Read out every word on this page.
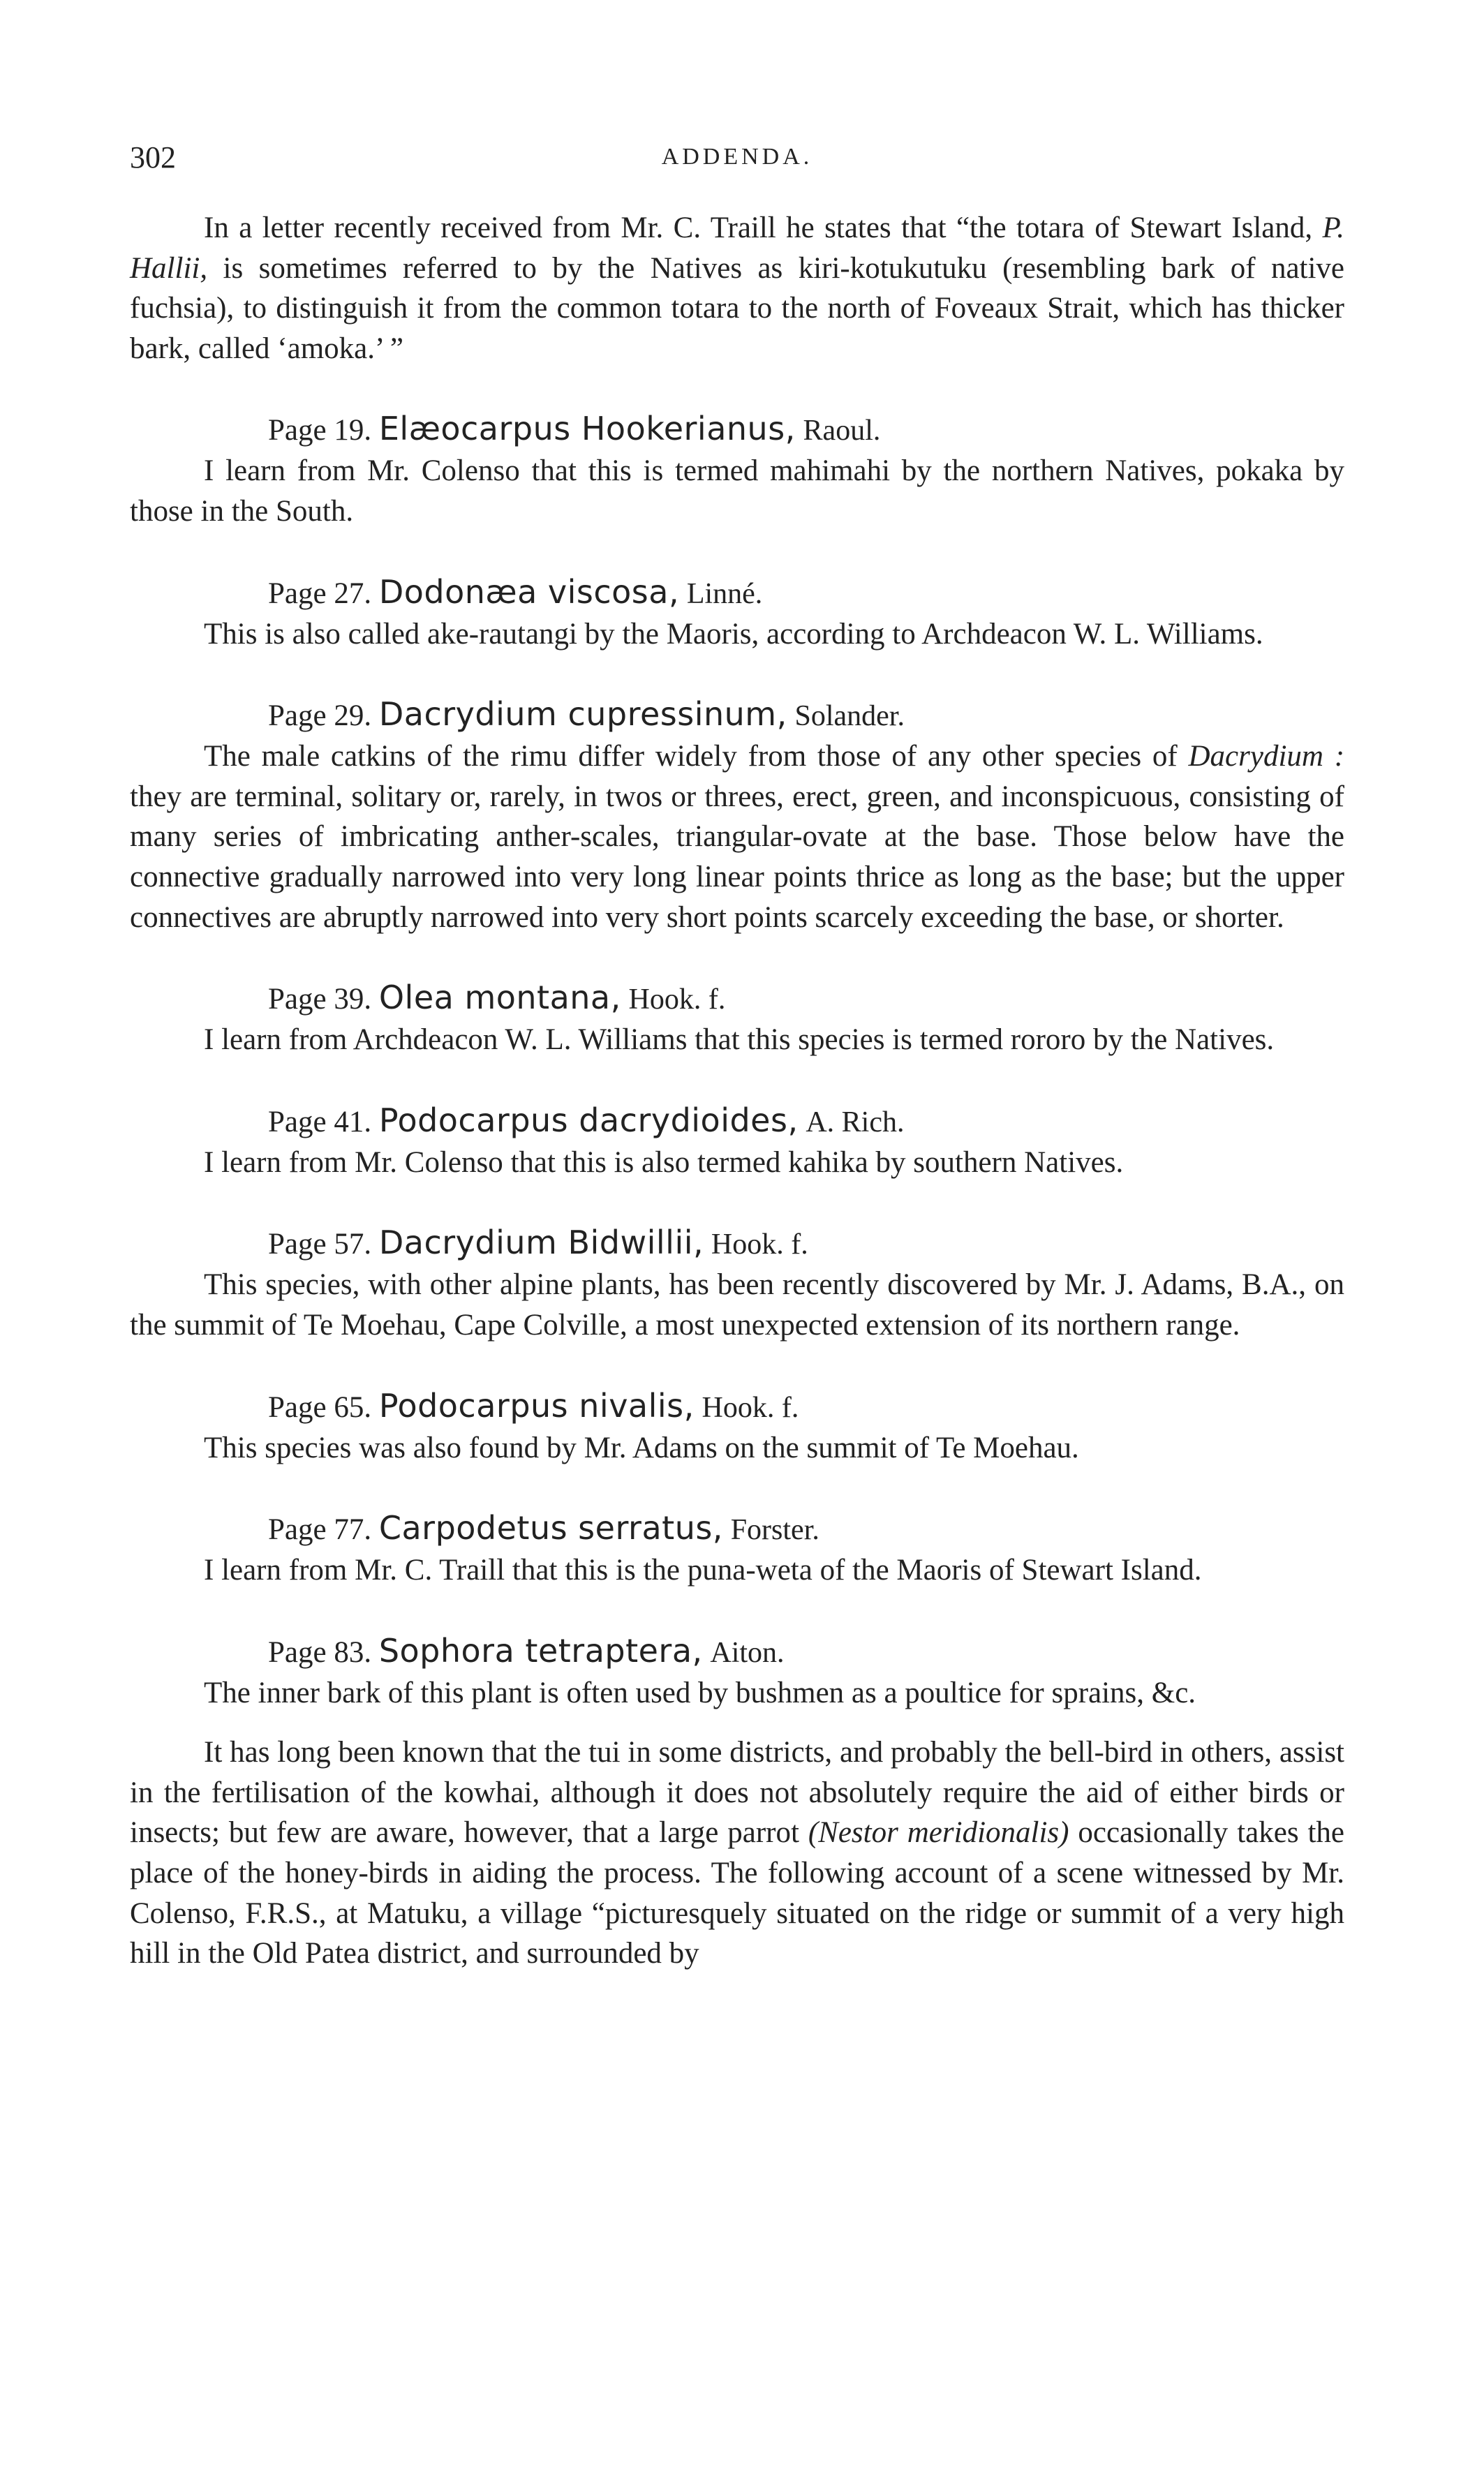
302	ADDENDA.

In a letter recently received from Mr. C. Traill he states that “the totara of Stewart Island, P. Hallii, is sometimes referred to by the Natives as kiri-kotukutuku (resembling bark of native fuchsia), to distinguish it from the common totara to the north of Foveaux Strait, which has thicker bark, called ‘amoka.’ ”

Page 19. Elæocarpus Hookerianus, Raoul.

I learn from Mr. Colenso that this is termed mahimahi by the northern Natives, pokaka by those in the South.

Page 27. Dodonæa viscosa, Linné.

This is also called ake-rautangi by the Maoris, according to Archdeacon W. L. Williams.

Page 29. Dacrydium cupressinum, Solander.

The male catkins of the rimu differ widely from those of any other species of Dacrydium : they are terminal, solitary or, rarely, in twos or threes, erect, green, and inconspicuous, consisting of many series of imbricating anther-scales, triangular-ovate at the base. Those below have the connective gradually narrowed into very long linear points thrice as long as the base; but the upper connectives are abruptly narrowed into very short points scarcely exceeding the base, or shorter.

Page 39. Olea montana, Hook. f.

I learn from Archdeacon W. L. Williams that this species is termed rororo by the Natives.

Page 41. Podocarpus dacrydioides, A. Rich.

I learn from Mr. Colenso that this is also termed kahika by southern Natives.

Page 57. Dacrydium Bidwillii, Hook. f.

This species, with other alpine plants, has been recently discovered by Mr. J. Adams, B.A., on the summit of Te Moehau, Cape Colville, a most unexpected extension of its northern range.

Page 65. Podocarpus nivalis, Hook. f.

This species was also found by Mr. Adams on the summit of Te Moehau.

Page 77. Carpodetus serratus, Forster.

I learn from Mr. C. Traill that this is the puna-weta of the Maoris of Stewart Island.

Page 83. Sophora tetraptera, Aiton.

The inner bark of this plant is often used by bushmen as a poultice for sprains, &c.

It has long been known that the tui in some districts, and probably the bell-bird in others, assist in the fertilisation of the kowhai, although it does not absolutely require the aid of either birds or insects; but few are aware, however, that a large parrot (Nestor meridionalis) occasionally takes the place of the honey-birds in aiding the process. The following account of a scene witnessed by Mr. Colenso, F.R.S., at Matuku, a village “picturesquely situated on the ridge or summit of a very high hill in the Old Patea district, and surrounded by
